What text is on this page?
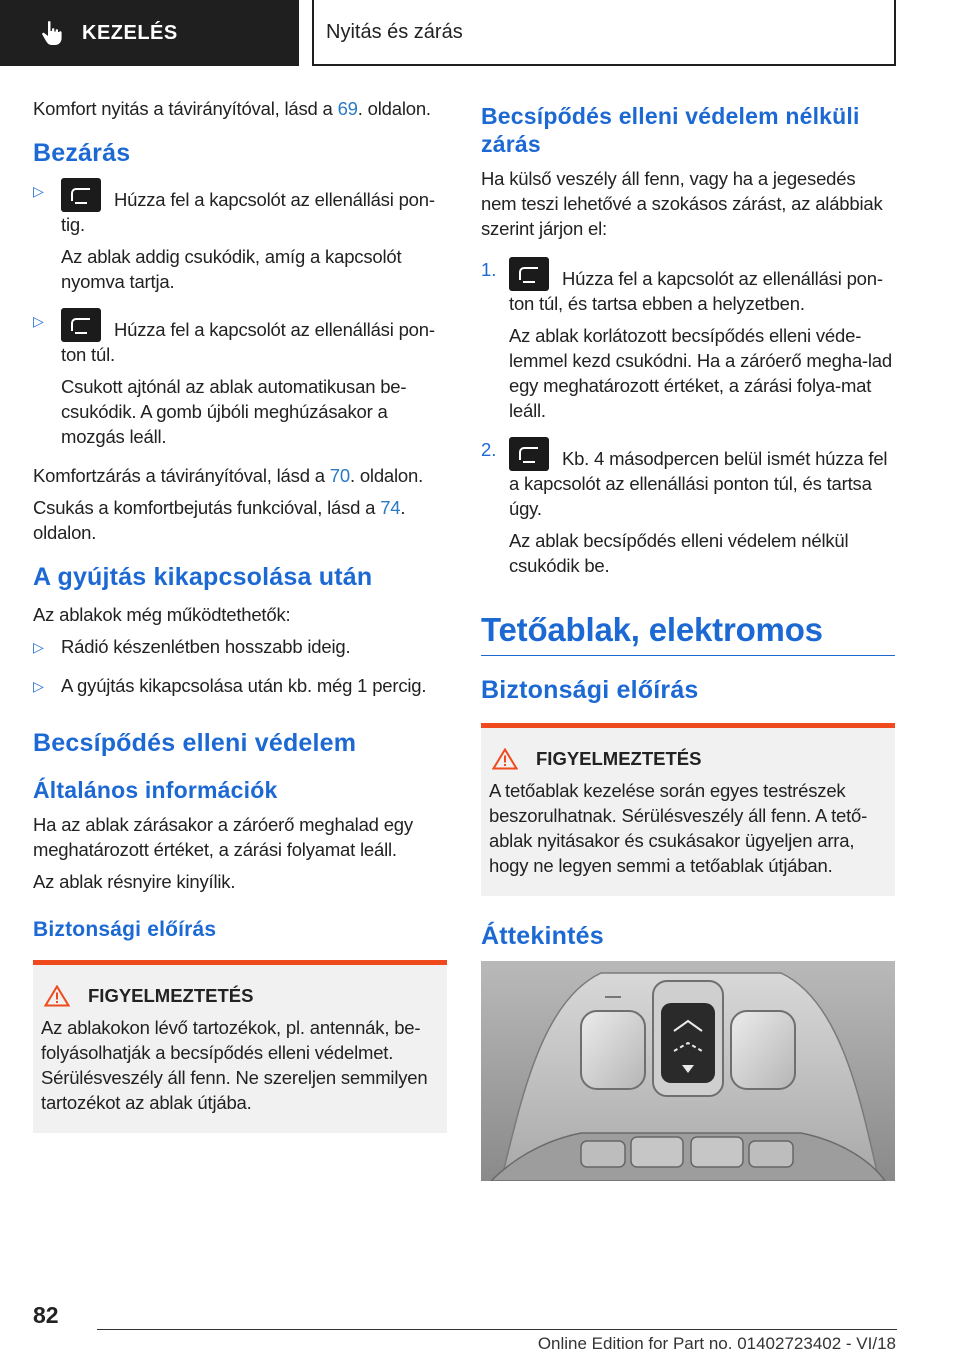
KEZELÉS	Nyitás és zárás

Komfort nyitás a távirányítóval, lásd a 69. oldalon.

Bezárás
▷	Húzza fel a kapcsolót az ellenállási pon-tig.

Az ablak addig csukódik, amíg a kapcsolót nyomva tartja.

▷	Húzza fel a kapcsolót az ellenállási pon-ton túl.

Csukott ajtónál az ablak automatikusan be-csukódik. A gomb újbóli meghúzásakor a mozgás leáll.

Komfortzárás a távirányítóval, lásd a 70. oldalon.

Csukás a komfortbejutás funkcióval, lásd a 74. oldalon.

A gyújtás kikapcsolása után

Az ablakok még működtethetők:

▷ Rádió készenlétben hosszabb ideig.

▷ A gyújtás kikapcsolása után kb. még 1 percig.

Becsípődés elleni védelem
Általános információk

Ha az ablak zárásakor a záróerő meghalad egy meghatározott értéket, a zárási folyamat leáll.

Az ablak résnyire kinyílik.

Biztonsági előírás
FIGYELMEZTETÉS

Az ablakokon lévő tartozékok, pl. antennák, be-folyásolhatják a becsípődés elleni védelmet. Sérülésveszély áll fenn. Ne szereljen semmilyen tartozékot az ablak útjába.

Becsípődés elleni védelem nélküli zárás

Ha külső veszély áll fenn, vagy ha a jegesedés nem teszi lehetővé a szokásos zárást, az alábbiak szerint járjon el:

1.	Húzza fel a kapcsolót az ellenállási pon-ton túl, és tartsa ebben a helyzetben.

Az ablak korlátozott becsípődés elleni véde-lemmel kezd csukódni. Ha a záróerő megha-lad egy meghatározott értéket, a zárási folya-mat leáll.

2.	Kb. 4 másodpercen belül ismét húzza fel a kapcsolót az ellenállási ponton túl, és tartsa úgy.

Az ablak becsípődés elleni védelem nélkül csukódik be.

Tetőablak, elektromos
Biztonsági előírás
FIGYELMEZTETÉS

A tetőablak kezelése során egyes testrészek beszorulhatnak. Sérülésveszély áll fenn. A tető-ablak nyitásakor és csukásakor ügyeljen arra, hogy ne legyen semmi a tetőablak útjában.

Áttekintés
82
Online Edition for Part no. 01402723402 - VI/18
